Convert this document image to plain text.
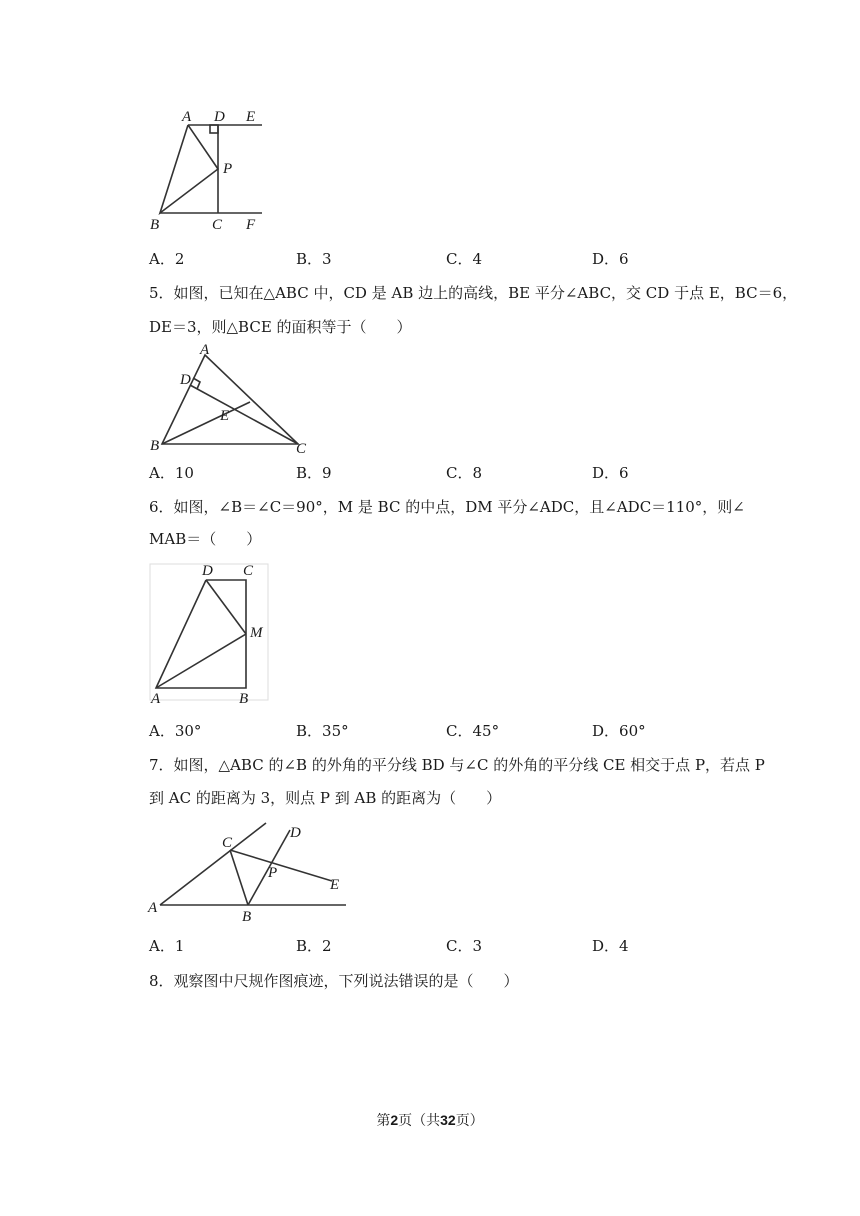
A D E
P
B	C F
A．2	B．3	C．4	D．6
5．如图，已知在△ABC 中，CD 是 AB 边上的高线，BE 平分∠ABC，交 CD 于点 E，BC＝6，
DE＝3，则△BCE 的面积等于（　　）
A
D
E
B	C
A．10	B．9	C．8	D．6
6．如图，∠B＝∠C＝90°，M 是 BC 的中点，DM 平分∠ADC，且∠ADC＝110°，则∠
MAB＝（　　）
D C
M
A	B
A．30°	B．35°	C．45°	D．60°
7．如图，△ABC 的∠B 的外角的平分线 BD 与∠C 的外角的平分线 CE 相交于点 P，若点 P
到 AC 的距离为 3，则点 P 到 AB 的距离为（　　）
C
D
P
E
A
B
A．1	B．2	C．3	D．4
8．观察图中尺规作图痕迹，下列说法错误的是（　　）
第2页（共32页）
